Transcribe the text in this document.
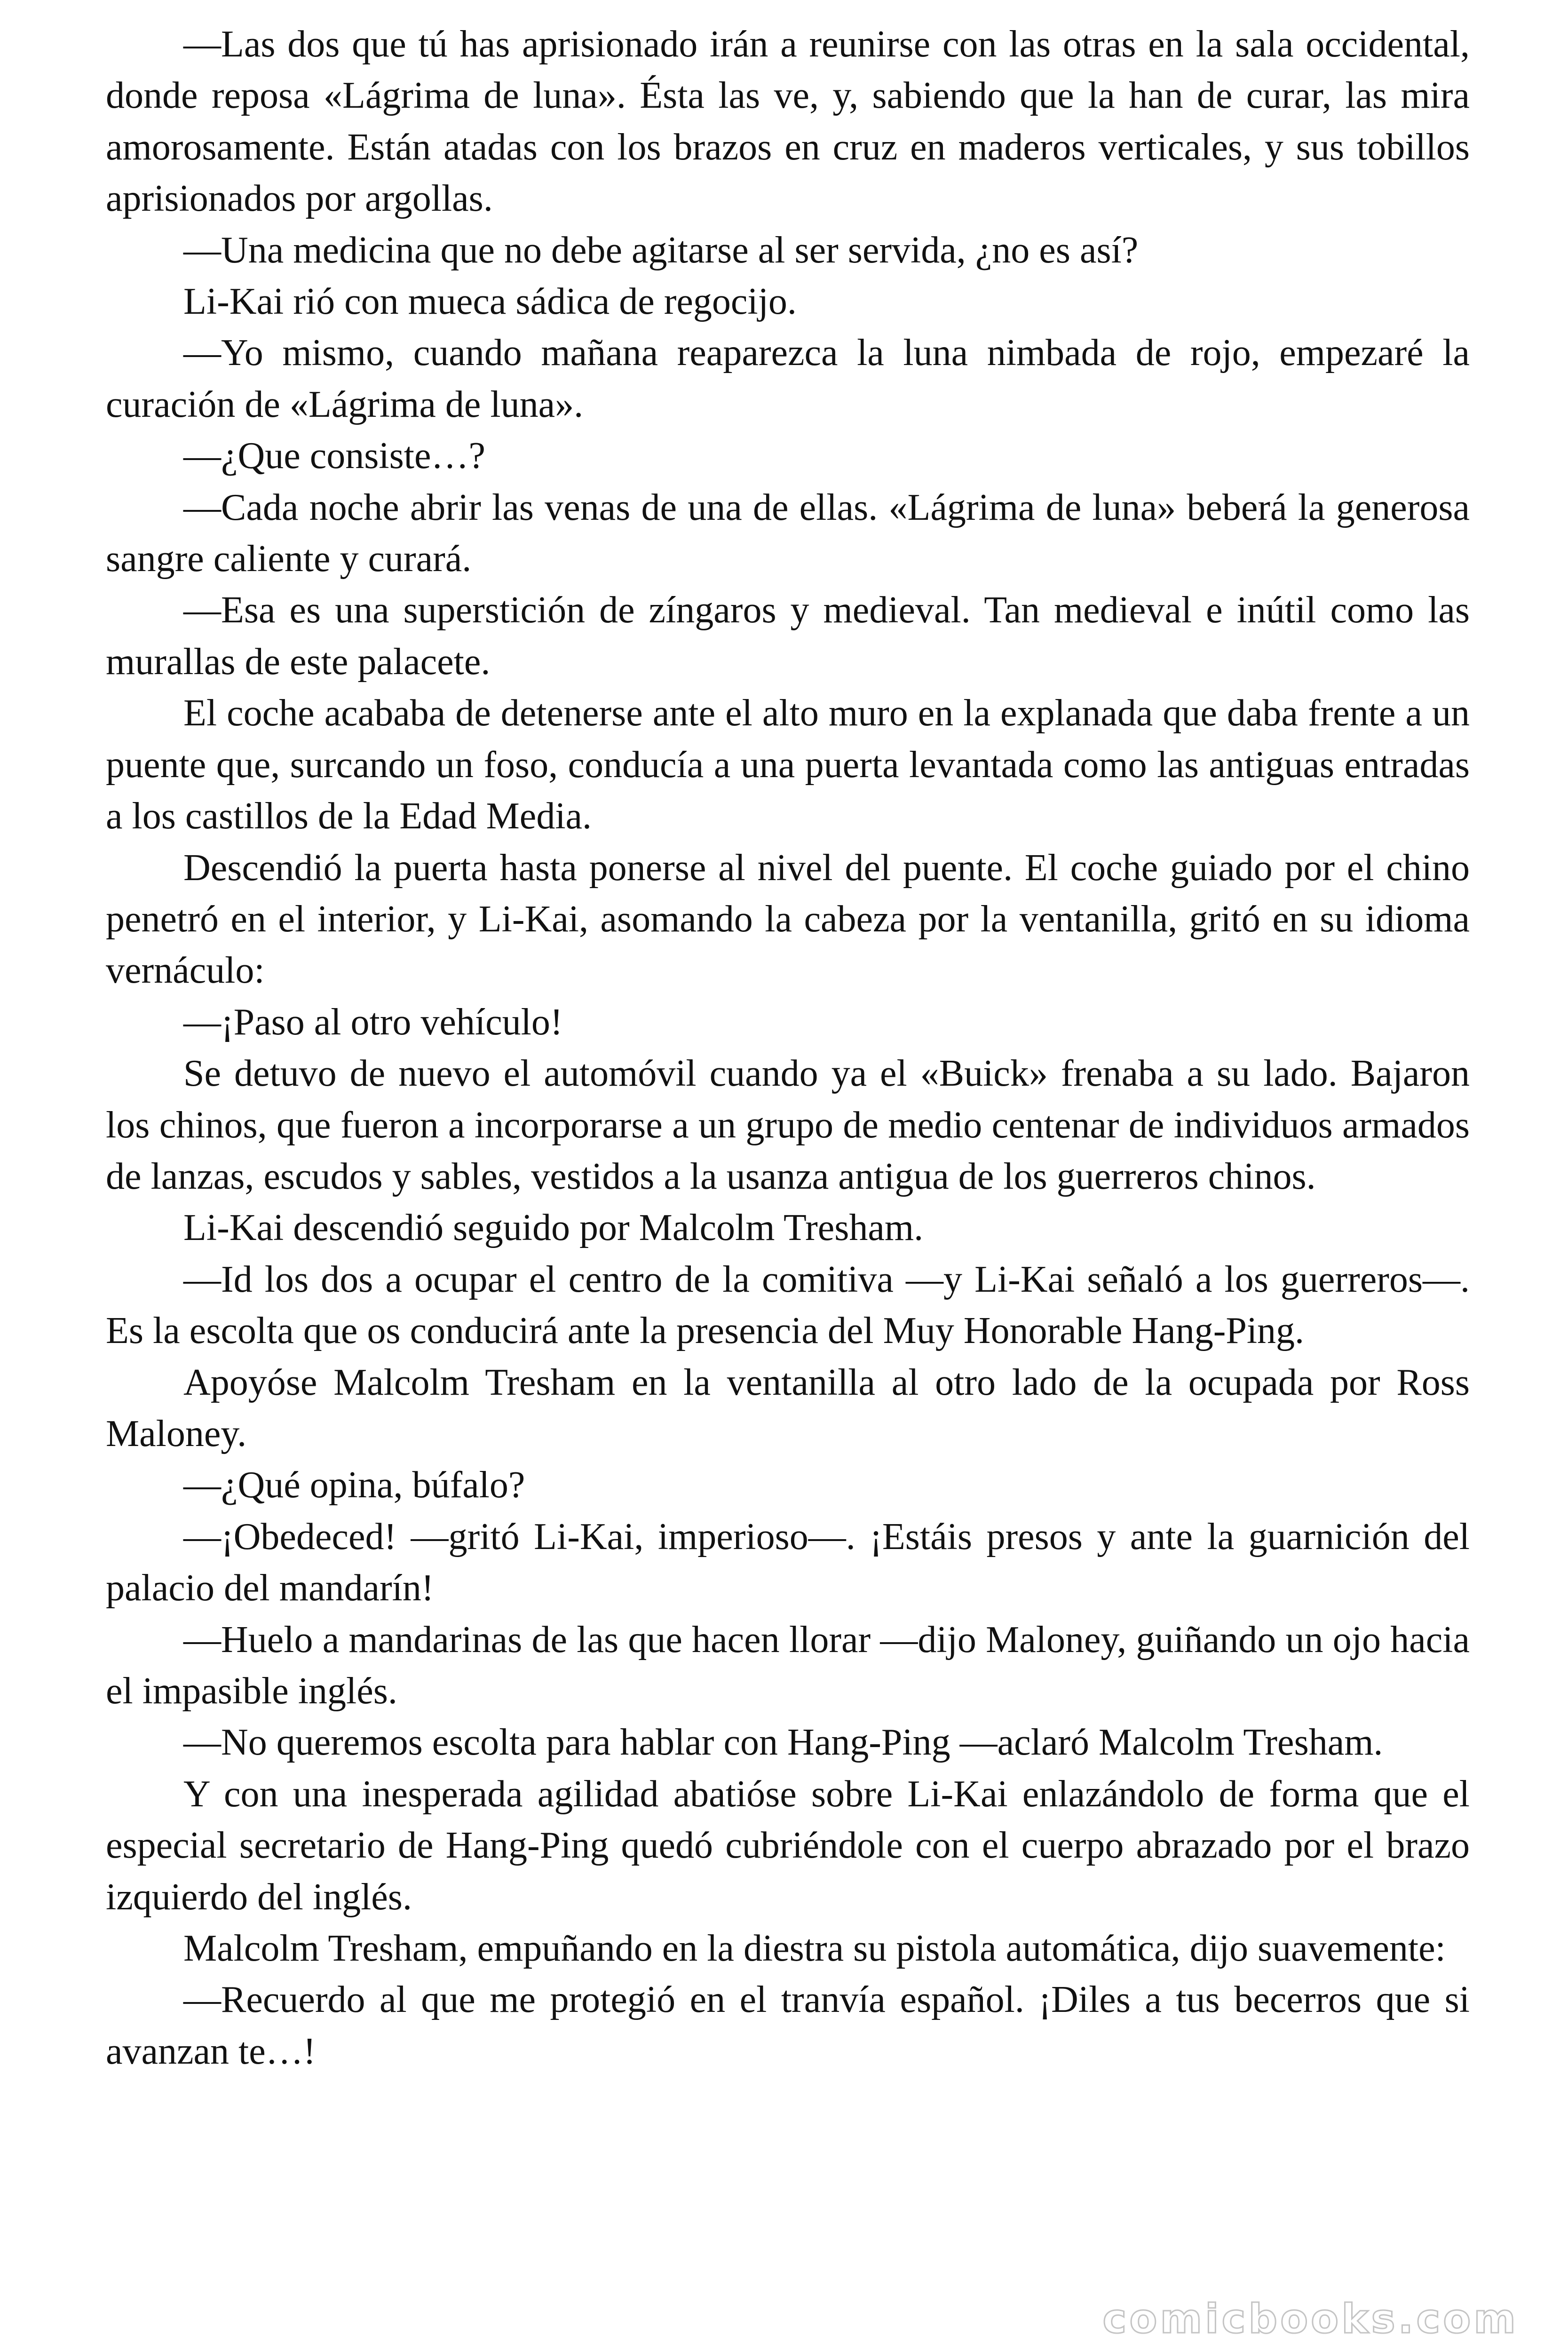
—Las dos que tú has aprisionado irán a reunirse con las otras en la sala occidental, donde reposa «Lágrima de luna». Ésta las ve, y, sabiendo que la han de curar, las mira amorosamente. Están atadas con los brazos en cruz en maderos verticales, y sus tobillos aprisionados por argollas.

—Una medicina que no debe agitarse al ser servida, ¿no es así?

Li-Kai rió con mueca sádica de regocijo.

—Yo mismo, cuando mañana reaparezca la luna nimbada de rojo, empezaré la curación de «Lágrima de luna».

—¿Que consiste…?

—Cada noche abrir las venas de una de ellas. «Lágrima de luna» beberá la generosa sangre caliente y curará.

—Esa es una superstición de zíngaros y medieval. Tan medieval e inútil como las murallas de este palacete.

El coche acababa de detenerse ante el alto muro en la explanada que daba frente a un puente que, surcando un foso, conducía a una puerta levantada como las antiguas entradas a los castillos de la Edad Media.

Descendió la puerta hasta ponerse al nivel del puente. El coche guiado por el chino penetró en el interior, y Li-Kai, asomando la cabeza por la ventanilla, gritó en su idioma vernáculo:

—¡Paso al otro vehículo!

Se detuvo de nuevo el automóvil cuando ya el «Buick» frenaba a su lado. Bajaron los chinos, que fueron a incorporarse a un grupo de medio centenar de individuos armados de lanzas, escudos y sables, vestidos a la usanza antigua de los guerreros chinos.

Li-Kai descendió seguido por Malcolm Tresham.

—Id los dos a ocupar el centro de la comitiva —y Li-Kai señaló a los guerreros—. Es la escolta que os conducirá ante la presencia del Muy Honorable Hang-Ping.

Apoyóse Malcolm Tresham en la ventanilla al otro lado de la ocupada por Ross Maloney.

—¿Qué opina, búfalo?

—¡Obedeced! —gritó Li-Kai, imperioso—. ¡Estáis presos y ante la guarnición del palacio del mandarín!

—Huelo a mandarinas de las que hacen llorar —dijo Maloney, guiñando un ojo hacia el impasible inglés.

—No queremos escolta para hablar con Hang-Ping —aclaró Malcolm Tresham.

Y con una inesperada agilidad abatióse sobre Li-Kai enlazándolo de forma que el especial secretario de Hang-Ping quedó cubriéndole con el cuerpo abrazado por el brazo izquierdo del inglés.

Malcolm Tresham, empuñando en la diestra su pistola automática, dijo suavemente:

—Recuerdo al que me protegió en el tranvía español. ¡Diles a tus becerros que si avanzan te…!

comicbooks.com
